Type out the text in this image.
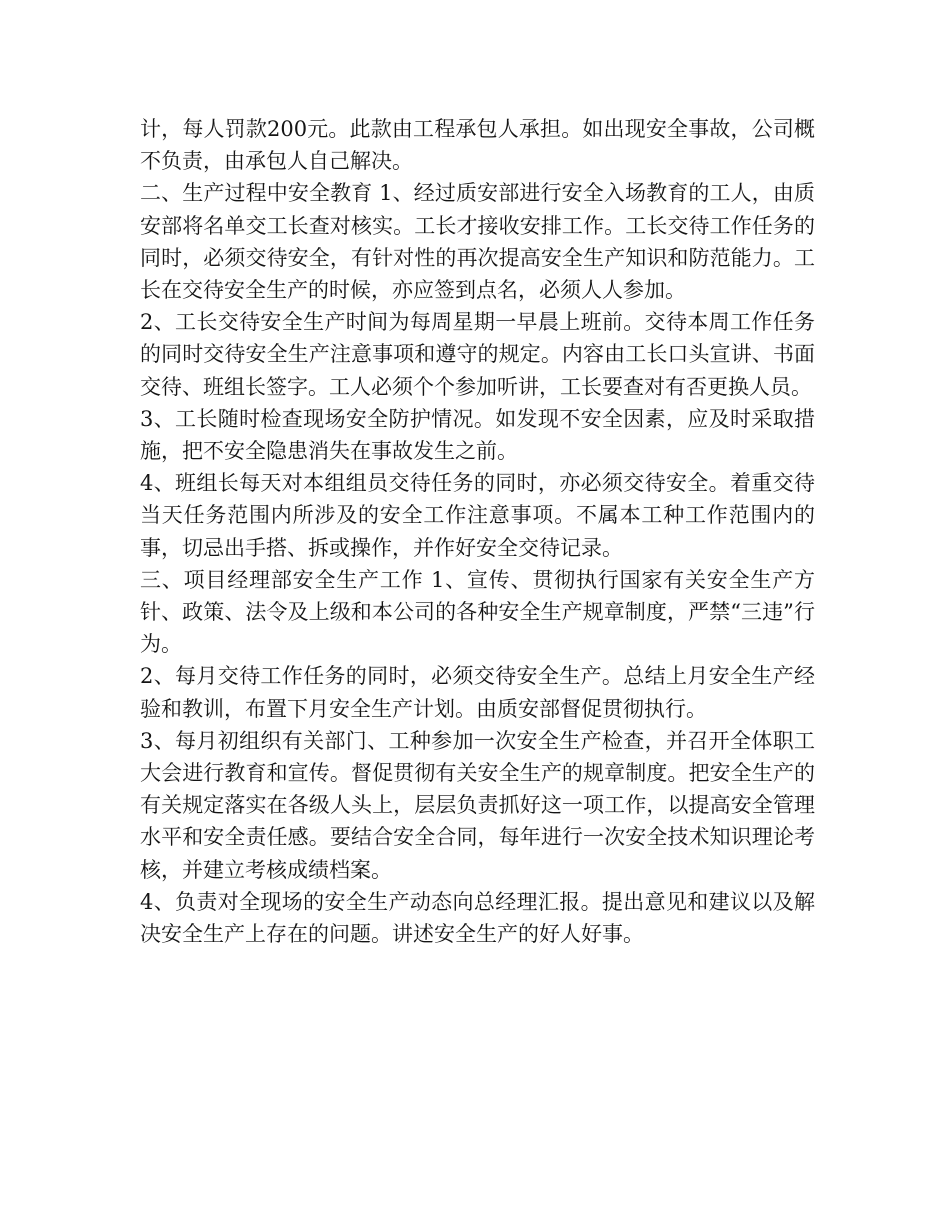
计，每人罚款200元。此款由工程承包人承担。如出现安全事故，公司概不负责，由承包人自己解决。

二、生产过程中安全教育 1、经过质安部进行安全入场教育的工人，由质安部将名单交工长查对核实。工长才接收安排工作。工长交待工作任务的同时，必须交待安全，有针对性的再次提高安全生产知识和防范能力。工长在交待安全生产的时候，亦应签到点名，必须人人参加。

2、工长交待安全生产时间为每周星期一早晨上班前。交待本周工作任务的同时交待安全生产注意事项和遵守的规定。内容由工长口头宣讲、书面交待、班组长签字。工人必须个个参加听讲，工长要查对有否更换人员。

3、工长随时检查现场安全防护情况。如发现不安全因素，应及时采取措施，把不安全隐患消失在事故发生之前。

4、班组长每天对本组组员交待任务的同时，亦必须交待安全。着重交待当天任务范围内所涉及的安全工作注意事项。不属本工种工作范围内的事，切忌出手搭、拆或操作，并作好安全交待记录。

三、项目经理部安全生产工作 1、宣传、贯彻执行国家有关安全生产方针、政策、法令及上级和本公司的各种安全生产规章制度，严禁“三违”行为。

2、每月交待工作任务的同时，必须交待安全生产。总结上月安全生产经验和教训，布置下月安全生产计划。由质安部督促贯彻执行。

3、每月初组织有关部门、工种参加一次安全生产检查，并召开全体职工大会进行教育和宣传。督促贯彻有关安全生产的规章制度。把安全生产的有关规定落实在各级人头上，层层负责抓好这一项工作，以提高安全管理水平和安全责任感。要结合安全合同，每年进行一次安全技术知识理论考核，并建立考核成绩档案。

4、负责对全现场的安全生产动态向总经理汇报。提出意见和建议以及解决安全生产上存在的问题。讲述安全生产的好人好事。
